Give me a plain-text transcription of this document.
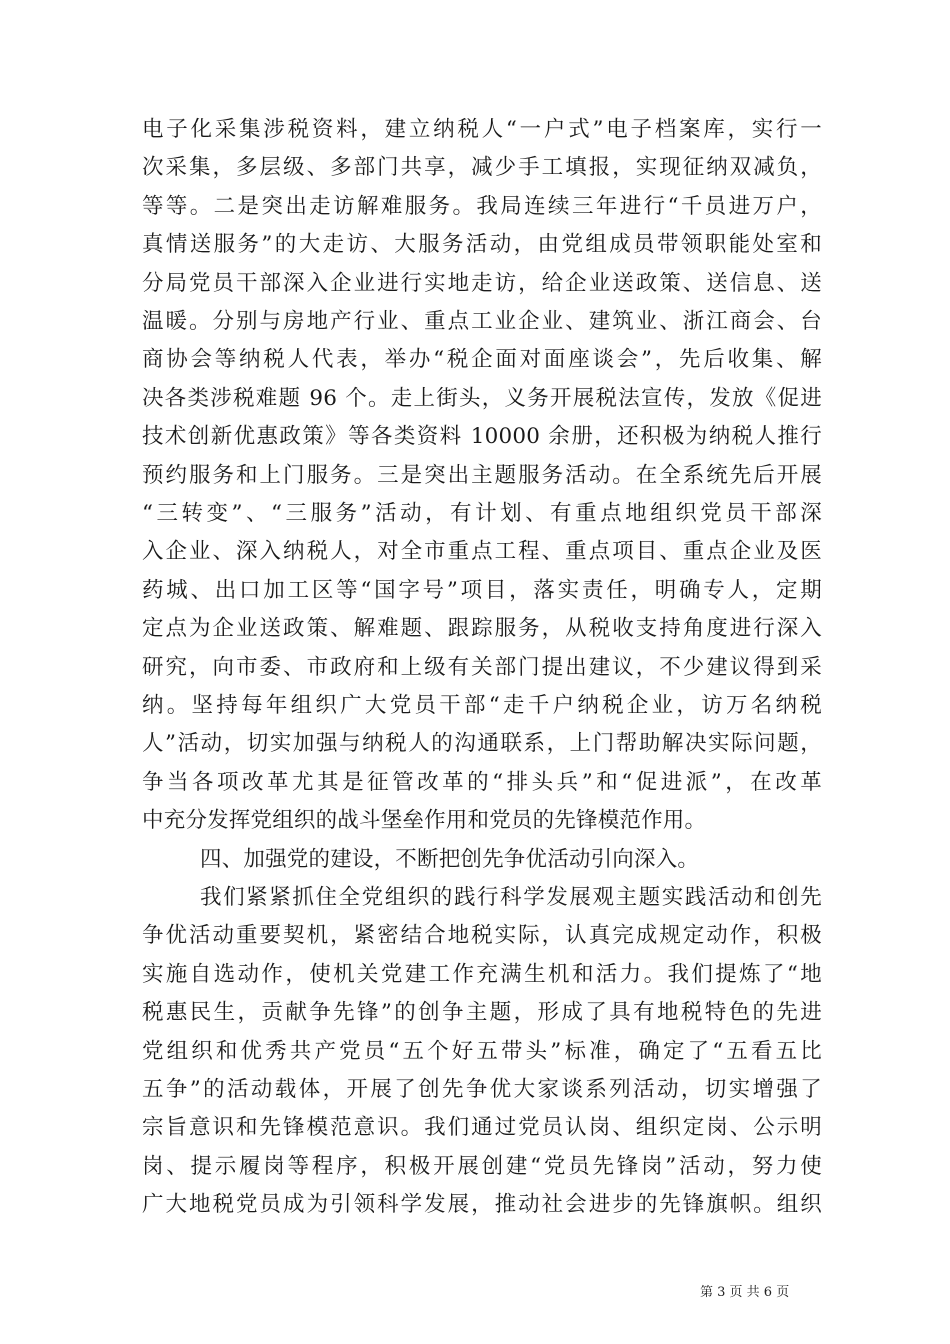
电子化采集涉税资料，建立纳税人“一户式”电子档案库，实行一
次采集，多层级、多部门共享，减少手工填报，实现征纳双减负，
等等。二是突出走访解难服务。我局连续三年进行“千员进万户，
真情送服务”的大走访、大服务活动，由党组成员带领职能处室和
分局党员干部深入企业进行实地走访，给企业送政策、送信息、送
温暖。分别与房地产行业、重点工业企业、建筑业、浙江商会、台
商协会等纳税人代表，举办“税企面对面座谈会”，先后收集、解
决各类涉税难题 96 个。走上街头，义务开展税法宣传，发放《促进
技术创新优惠政策》等各类资料 10000 余册，还积极为纳税人推行
预约服务和上门服务。三是突出主题服务活动。在全系统先后开展
“三转变”、“三服务”活动，有计划、有重点地组织党员干部深
入企业、深入纳税人，对全市重点工程、重点项目、重点企业及医
药城、出口加工区等“国字号”项目，落实责任，明确专人，定期
定点为企业送政策、解难题、跟踪服务，从税收支持角度进行深入
研究，向市委、市政府和上级有关部门提出建议，不少建议得到采
纳。坚持每年组织广大党员干部“走千户纳税企业，访万名纳税
人”活动，切实加强与纳税人的沟通联系，上门帮助解决实际问题，
争当各项改革尤其是征管改革的“排头兵”和“促进派”，在改革
中充分发挥党组织的战斗堡垒作用和党员的先锋模范作用。
四、加强党的建设，不断把创先争优活动引向深入。
我们紧紧抓住全党组织的践行科学发展观主题实践活动和创先
争优活动重要契机，紧密结合地税实际，认真完成规定动作，积极
实施自选动作，使机关党建工作充满生机和活力。我们提炼了“地
税惠民生，贡献争先锋”的创争主题，形成了具有地税特色的先进
党组织和优秀共产党员“五个好五带头”标准，确定了“五看五比
五争”的活动载体，开展了创先争优大家谈系列活动，切实增强了
宗旨意识和先锋模范意识。我们通过党员认岗、组织定岗、公示明
岗、提示履岗等程序，积极开展创建“党员先锋岗”活动，努力使
广大地税党员成为引领科学发展，推动社会进步的先锋旗帜。组织
第 3 页 共 6 页
